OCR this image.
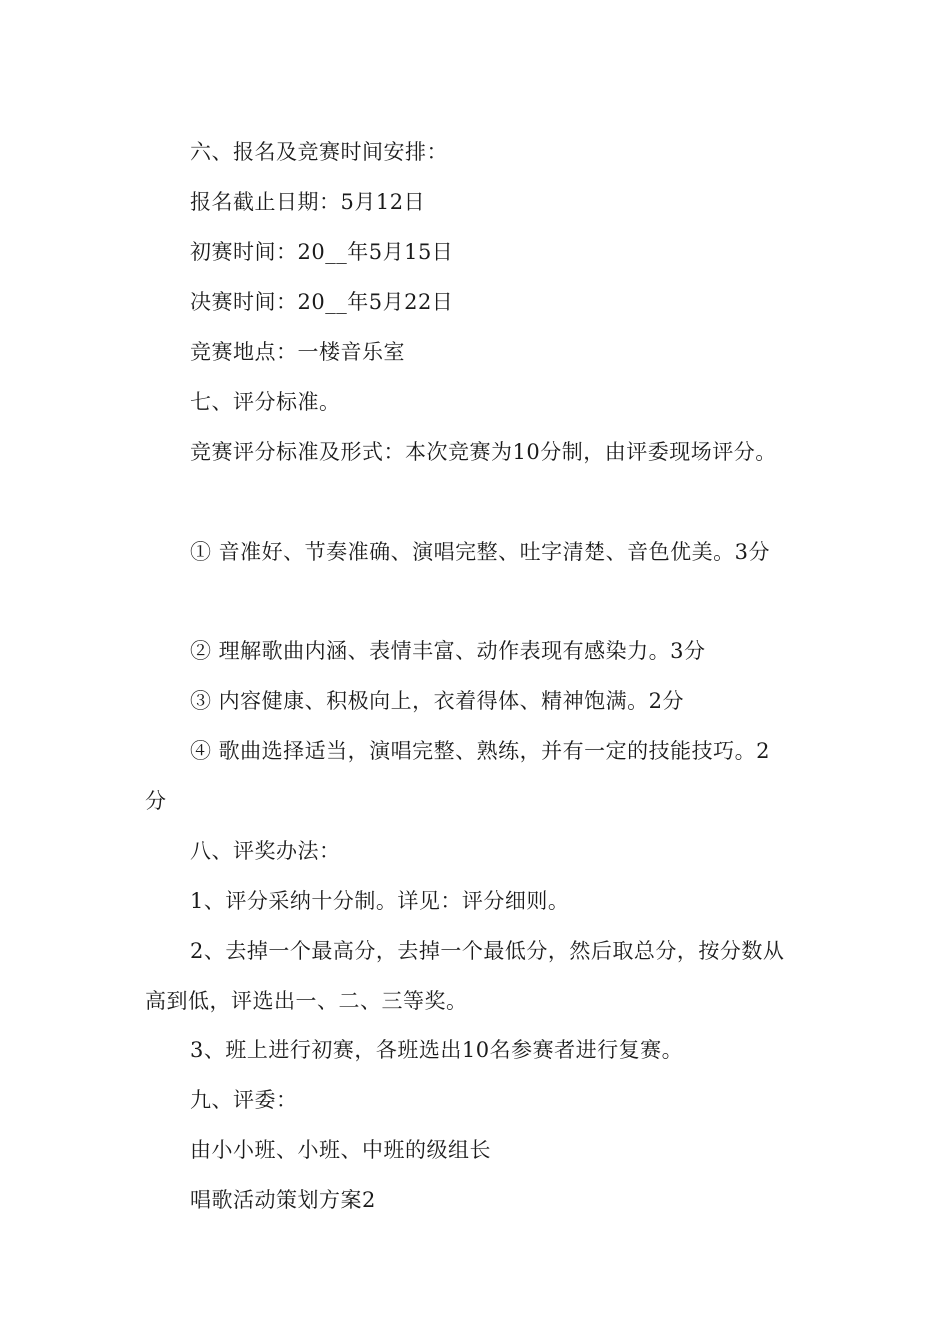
六、报名及竞赛时间安排：
报名截止日期：5月12日
初赛时间：20__年5月15日
决赛时间：20__年5月22日
竞赛地点：一楼音乐室
七、评分标准。
竞赛评分标准及形式：本次竞赛为10分制，由评委现场评分。
① 音准好、节奏准确、演唱完整、吐字清楚、音色优美。3分
② 理解歌曲内涵、表情丰富、动作表现有感染力。3分
③ 内容健康、积极向上，衣着得体、精神饱满。2分
④ 歌曲选择适当，演唱完整、熟练，并有一定的技能技巧。2
分
八、评奖办法：
1、评分采纳十分制。详见：评分细则。
2、去掉一个最高分，去掉一个最低分，然后取总分，按分数从
高到低，评选出一、二、三等奖。
3、班上进行初赛，各班选出10名参赛者进行复赛。
九、评委：
由小小班、小班、中班的级组长
唱歌活动策划方案2
